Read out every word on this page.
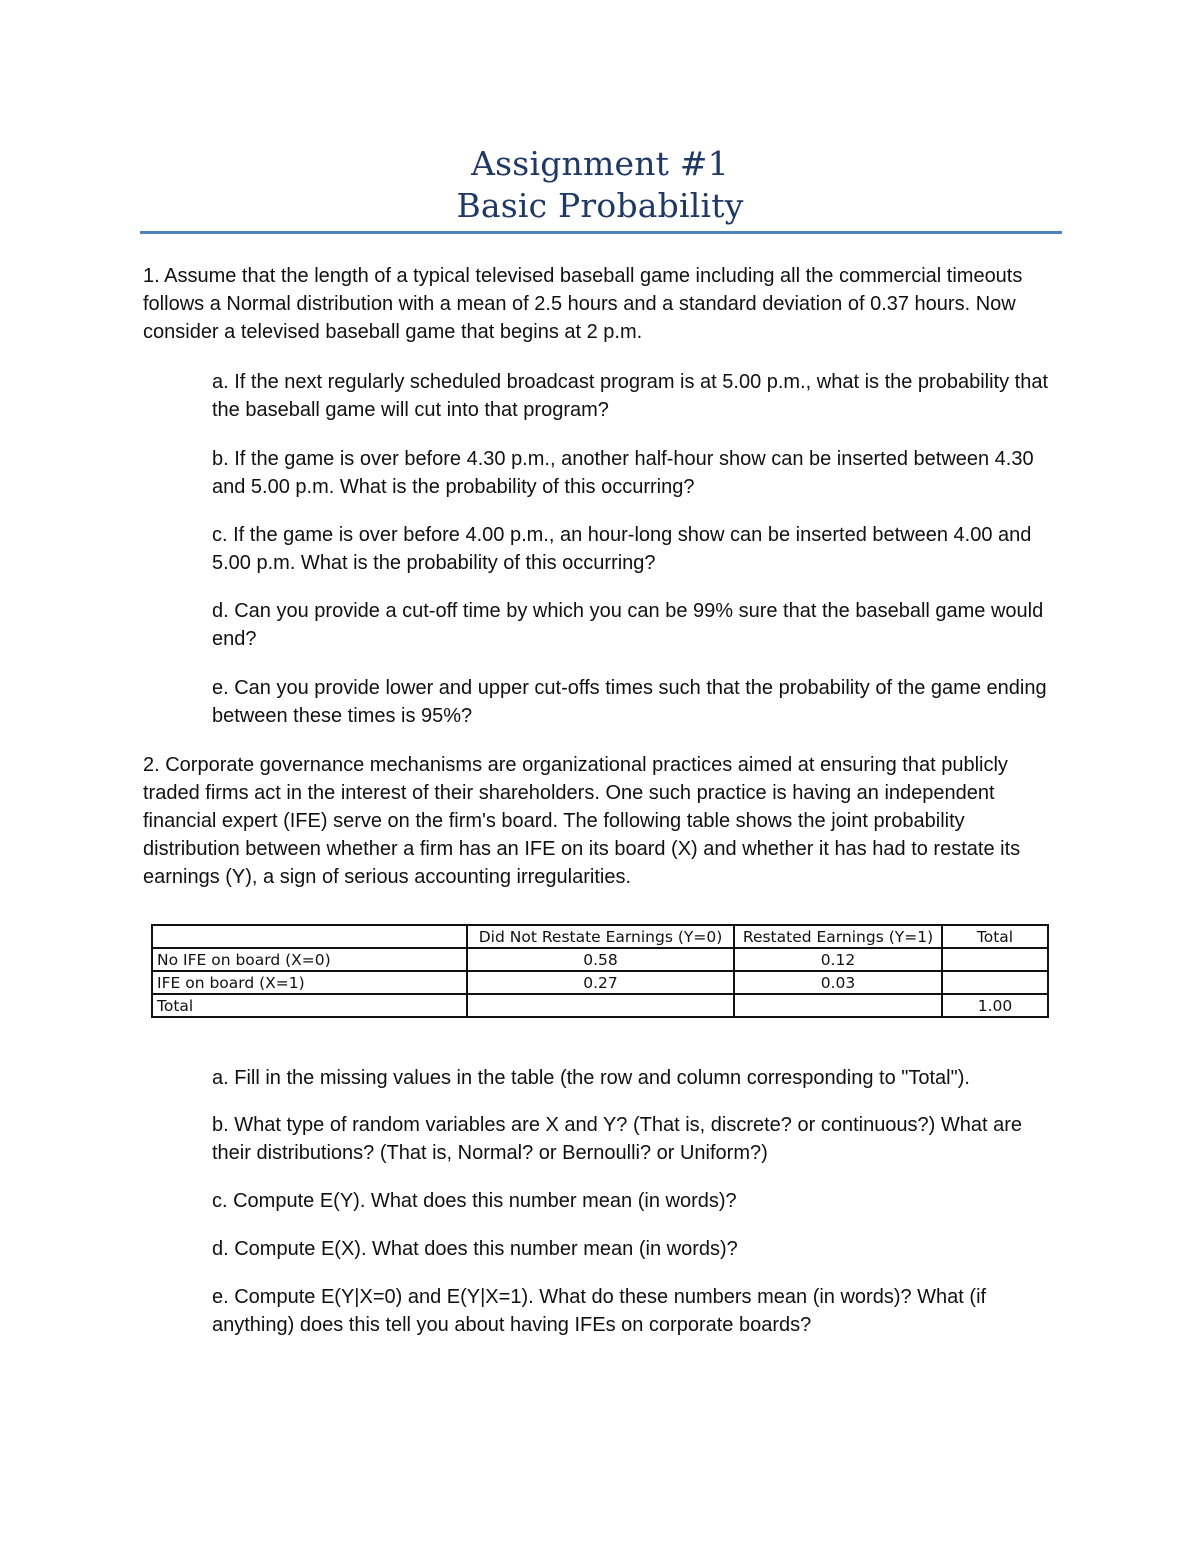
Assignment #1
Basic Probability
1. Assume that the length of a typical televised baseball game including all the commercial timeouts follows a Normal distribution with a mean of 2.5 hours and a standard deviation of 0.37 hours. Now consider a televised baseball game that begins at 2 p.m.
a. If the next regularly scheduled broadcast program is at 5.00 p.m., what is the probability that the baseball game will cut into that program?
b. If the game is over before 4.30 p.m., another half-hour show can be inserted between 4.30 and 5.00 p.m. What is the probability of this occurring?
c. If the game is over before 4.00 p.m., an hour-long show can be inserted between 4.00 and 5.00 p.m. What is the probability of this occurring?
d. Can you provide a cut-off time by which you can be 99% sure that the baseball game would end?
e. Can you provide lower and upper cut-offs times such that the probability of the game ending between these times is 95%?
2. Corporate governance mechanisms are organizational practices aimed at ensuring that publicly traded firms act in the interest of their shareholders. One such practice is having an independent financial expert (IFE) serve on the firm's board. The following table shows the joint probability distribution between whether a firm has an IFE on its board (X) and whether it has had to restate its earnings (Y), a sign of serious accounting irregularities.
	Did Not Restate Earnings (Y=0)	Restated Earnings (Y=1)	Total
No IFE on board (X=0)	0.58	0.12	
IFE on board (X=1)	0.27	0.03	
Total			1.00
a. Fill in the missing values in the table (the row and column corresponding to "Total").
b. What type of random variables are X and Y? (That is, discrete? or continuous?) What are their distributions? (That is, Normal? or Bernoulli? or Uniform?)
c. Compute E(Y). What does this number mean (in words)?
d. Compute E(X). What does this number mean (in words)?
e. Compute E(Y|X=0) and E(Y|X=1). What do these numbers mean (in words)? What (if anything) does this tell you about having IFEs on corporate boards?
